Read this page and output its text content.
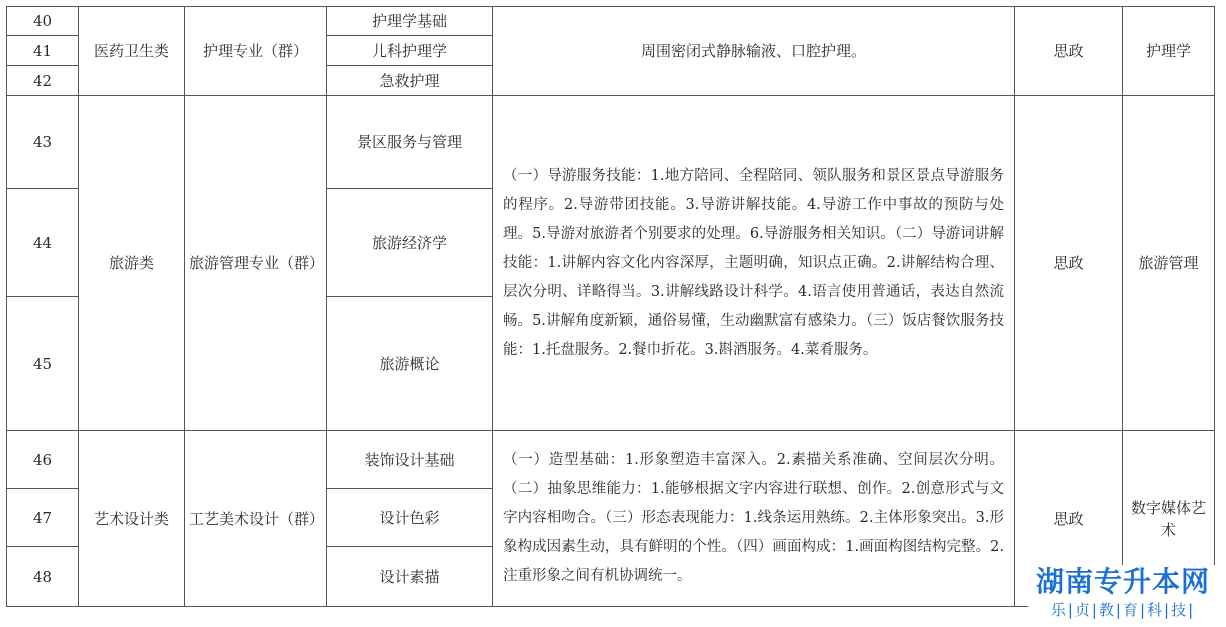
40	医药卫生类	护理专业（群）	护理学基础	周围密闭式静脉输液、口腔护理。	思政	护理学
41			儿科护理学			
42			急救护理			
43	旅游类	旅游管理专业（群）	景区服务与管理	（一）导游服务技能：1.地方陪同、全程陪同、领队服务和景区景点导游服务的程序。2.导游带团技能。3.导游讲解技能。4.导游工作中事故的预防与处理。5.导游对旅游者个别要求的处理。6.导游服务相关知识。（二）导游词讲解技能：1.讲解内容文化内容深厚，主题明确，知识点正确。2.讲解结构合理、层次分明、详略得当。3.讲解线路设计科学。4.语言使用普通话，表达自然流畅。5.讲解角度新颖，通俗易懂，生动幽默富有感染力。（三）饭店餐饮服务技能：1.托盘服务。2.餐巾折花。3.斟酒服务。4.菜肴服务。	思政	旅游管理
44			旅游经济学			
45			旅游概论			
46	艺术设计类	工艺美术设计（群）	装饰设计基础	（一）造型基础：1.形象塑造丰富深入。2.素描关系准确、空间层次分明。（二）抽象思维能力：1.能够根据文字内容进行联想、创作。2.创意形式与文字内容相吻合。（三）形态表现能力：1.线条运用熟练。2.主体形象突出。3.形象构成因素生动，具有鲜明的个性。（四）画面构成：1.画面构图结构完整。2.注重形象之间有机协调统一。	思政	数字媒体艺术
47			设计色彩			
48			设计素描				湖南专升本网
乐|贞|教|育|科|技|
